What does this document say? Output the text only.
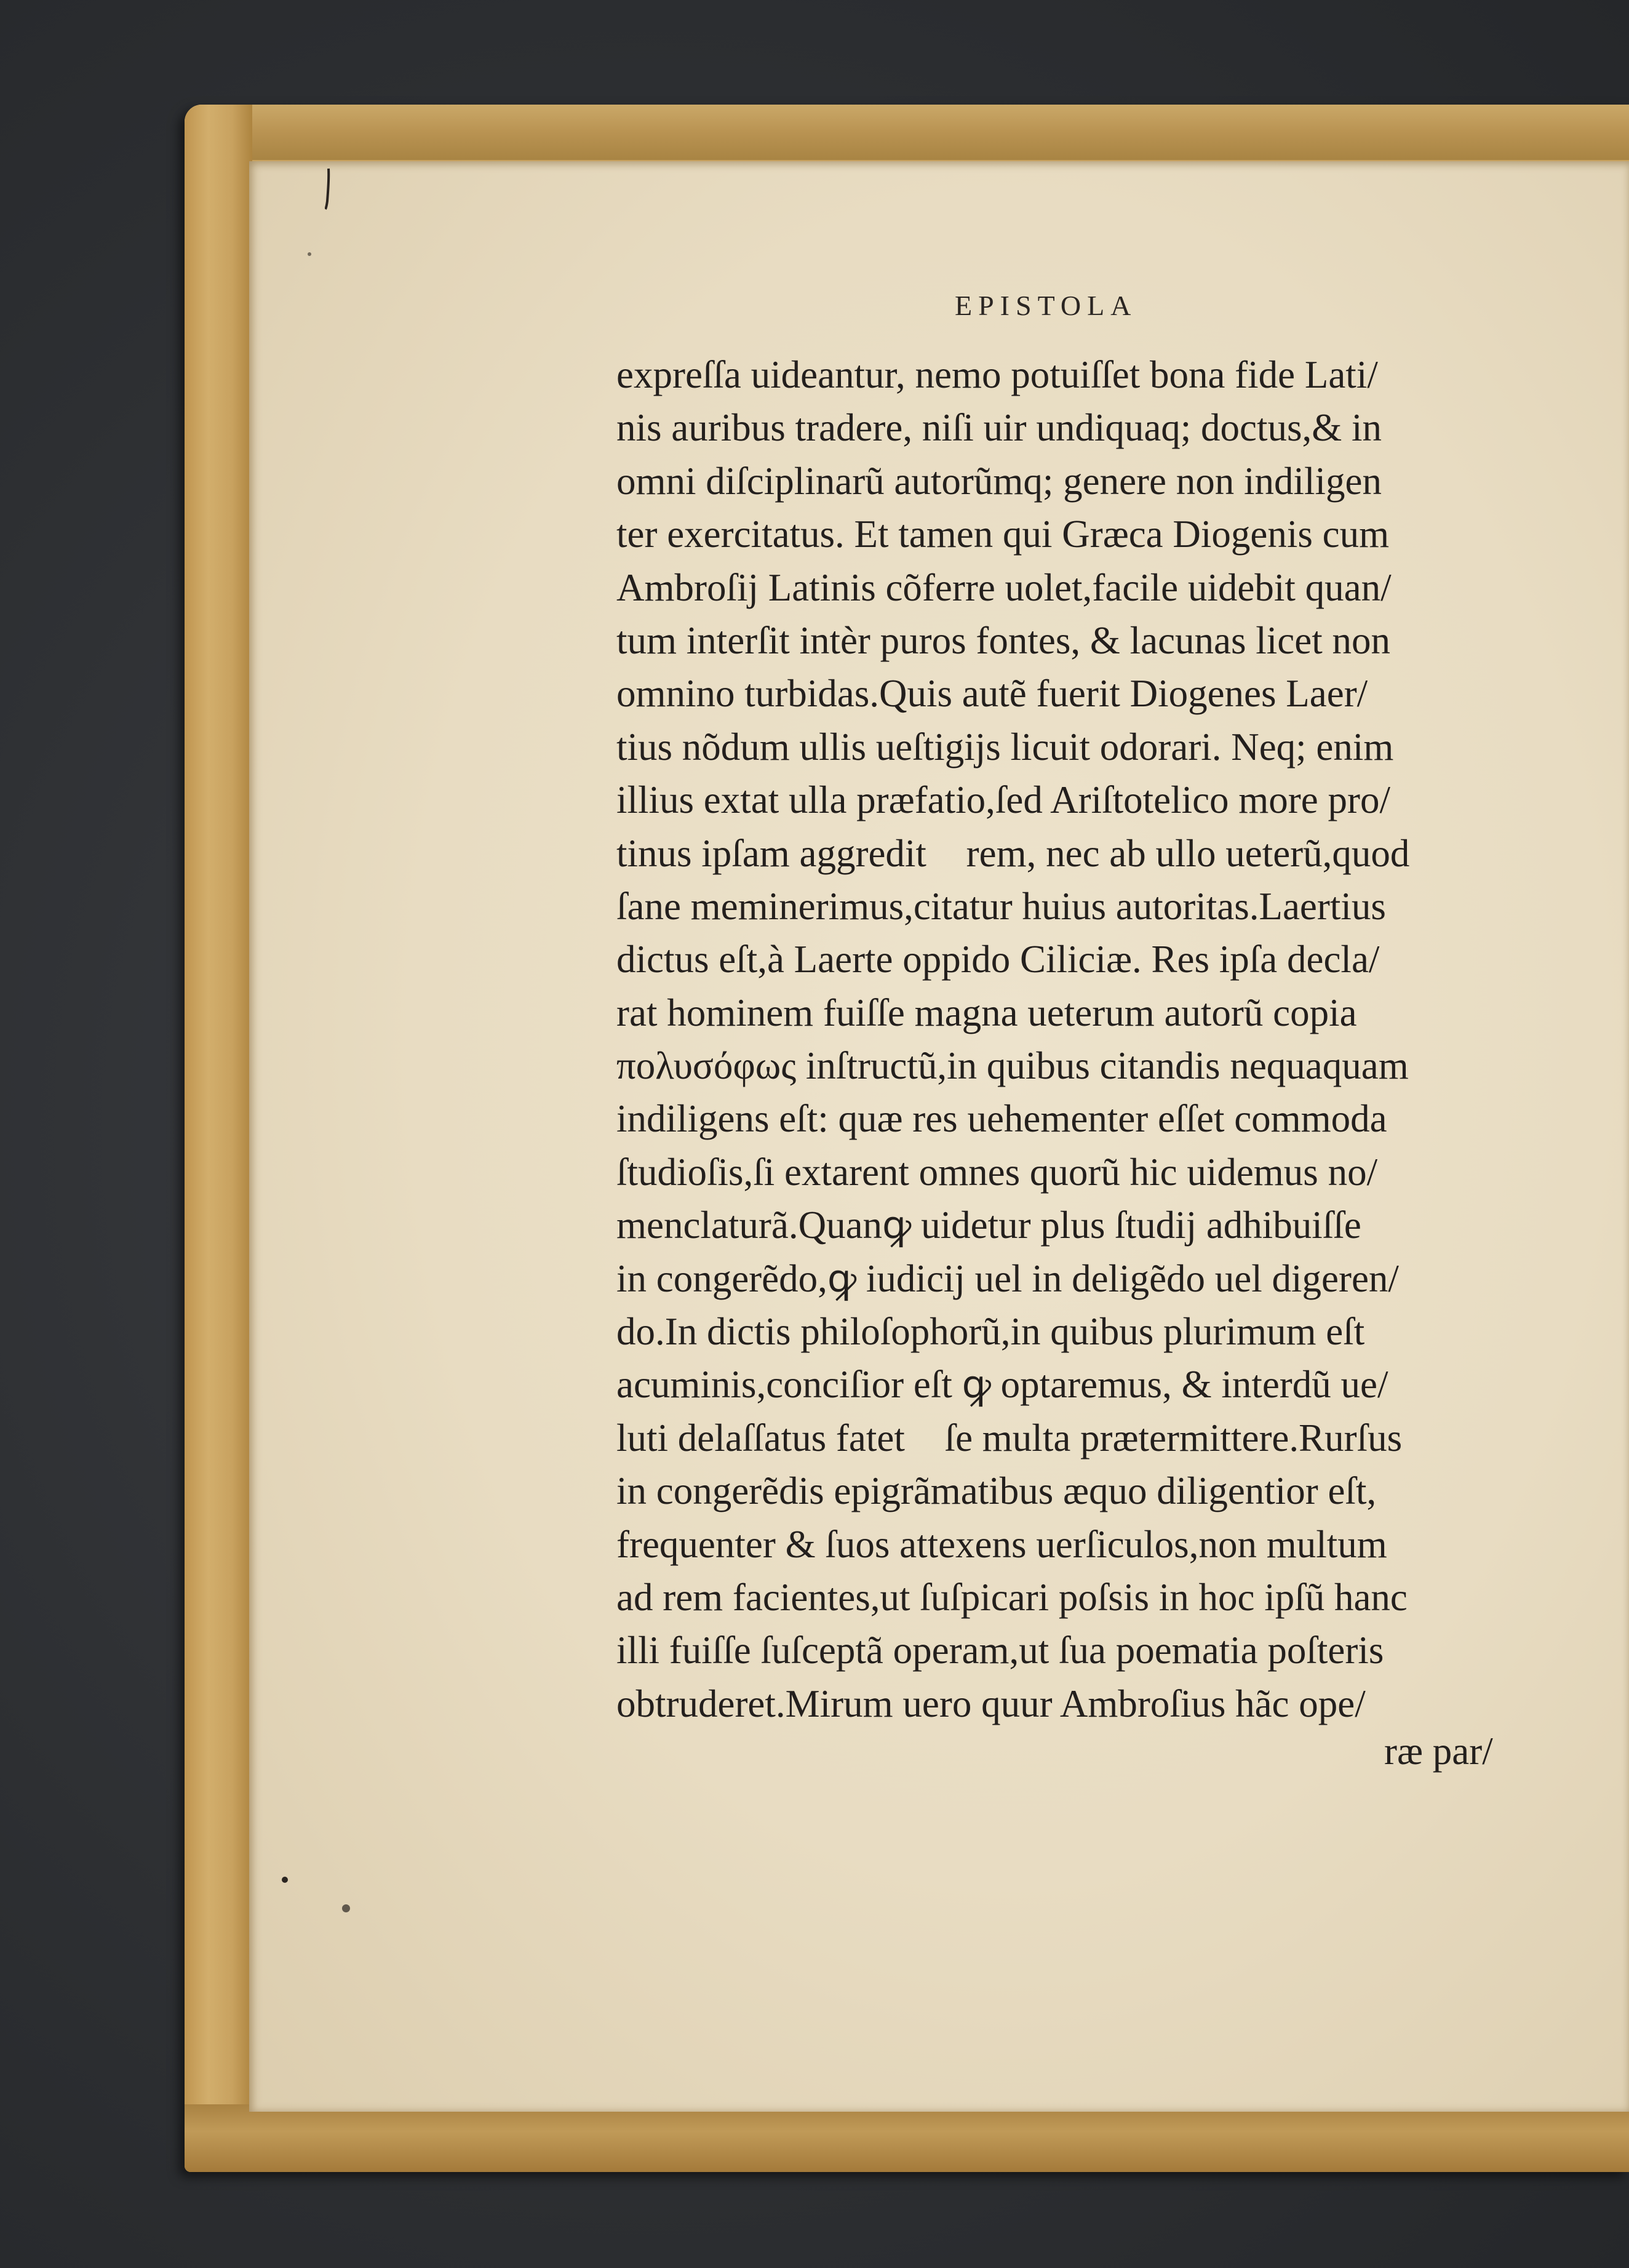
EPISTOLA
expreſſa uideantur, nemo potuiſſet bona fide Lati/
nis auribus tradere, niſi uir undiquaq; doctus,& in
omni diſciplinarũ autorũmq; genere non indiligen
ter exercitatus. Et tamen qui Græca Diogenis cum
Ambroſij Latinis cõferre uolet,facile uidebit quan/
tum interſit intèr puros fontes, & lacunas licet non
omnino turbidas.Quis autẽ fuerit Diogenes Laer/
tius nõdum ullis ueſtigijs licuit odorari. Neq; enim
illius extat ulla præfatio,ſed Ariſtotelico more pro/
tinus ipſam aggredit᷑ rem, nec ab ullo ueterũ,quod
ſane meminerimus,citatur huius autoritas.Laertius
dictus eſt,à Laerte oppido Ciliciæ. Res ipſa decla/
rat hominem fuiſſe magna ueterum autorũ copia
πολυσόφως inſtructũ,in quibus citandis nequaquam
indiligens eſt: quæ res uehementer eſſet commoda
ſtudioſis,ſi extarent omnes quorũ hic uidemus no/
menclaturã.Quanꝙ uidetur plus ſtudij adhibuiſſe
in congerẽdo,ꝙ iudicij uel in deligẽdo uel digeren/
do.In dictis philoſophorũ,in quibus plurimum eſt
acuminis,conciſior eſt ꝙ optaremus, & interdũ ue/
luti delaſſatus fatet᷑ ſe multa prætermittere.Rurſus
in congerẽdis epigrãmatibus æquo diligentior eſt,
frequenter & ſuos attexens uerſiculos,non multum
ad rem facientes,ut ſuſpicari poſsis in hoc ipſũ hanc
illi fuiſſe ſuſceptã operam,ut ſua poematia poſteris
obtruderet.Mirum uero quur Ambroſius hãc ope/
ræ par/
